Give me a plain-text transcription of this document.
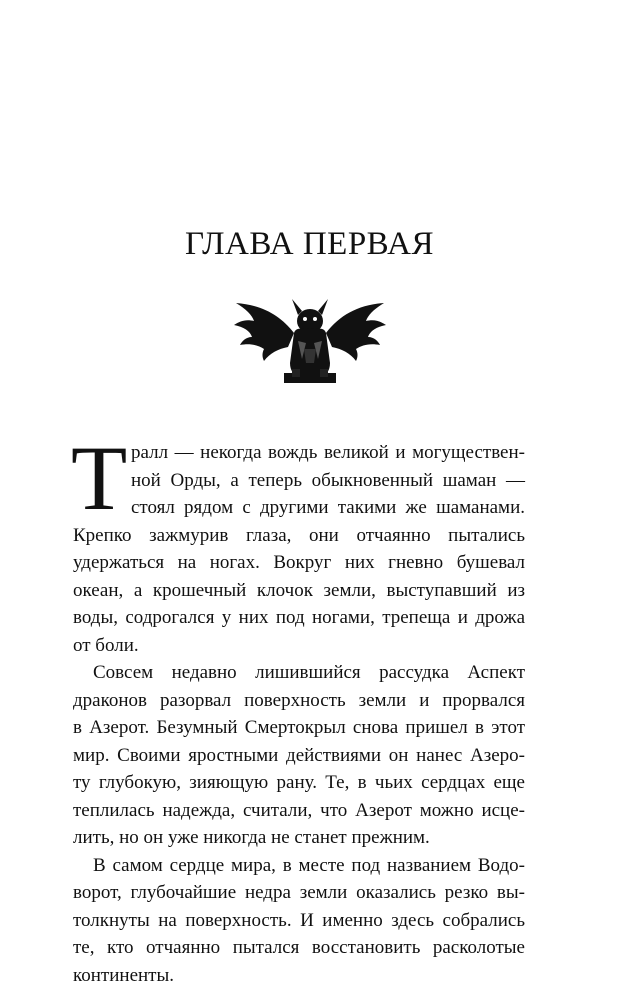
ГЛАВА ПЕРВАЯ
Т ралл — некогда вождь великой и могуществен-
ной Орды, а теперь обыкновенный шаман —
стоял рядом с другими такими же шаманами.
Крепко зажмурив глаза, они отчаянно пытались
удержаться на ногах. Вокруг них гневно бушевал
океан, а крошечный клочок земли, выступавший из
воды, содрогался у них под ногами, трепеща и дрожа
от боли.
Совсем недавно лишившийся рассудка Аспект
драконов разорвал поверхность земли и прорвался
в Азерот. Безумный Смертокрыл снова пришел в этот
мир. Своими яростными действиями он нанес Азеро-
ту глубокую, зияющую рану. Те, в чьих сердцах еще
теплилась надежда, считали, что Азерот можно исце-
лить, но он уже никогда не станет прежним.
В самом сердце мира, в месте под названием Водо-
ворот, глубочайшие недра земли оказались резко вы-
толкнуты на поверхность. И именно здесь собрались
те, кто отчаянно пытался восстановить расколотые
континенты.
